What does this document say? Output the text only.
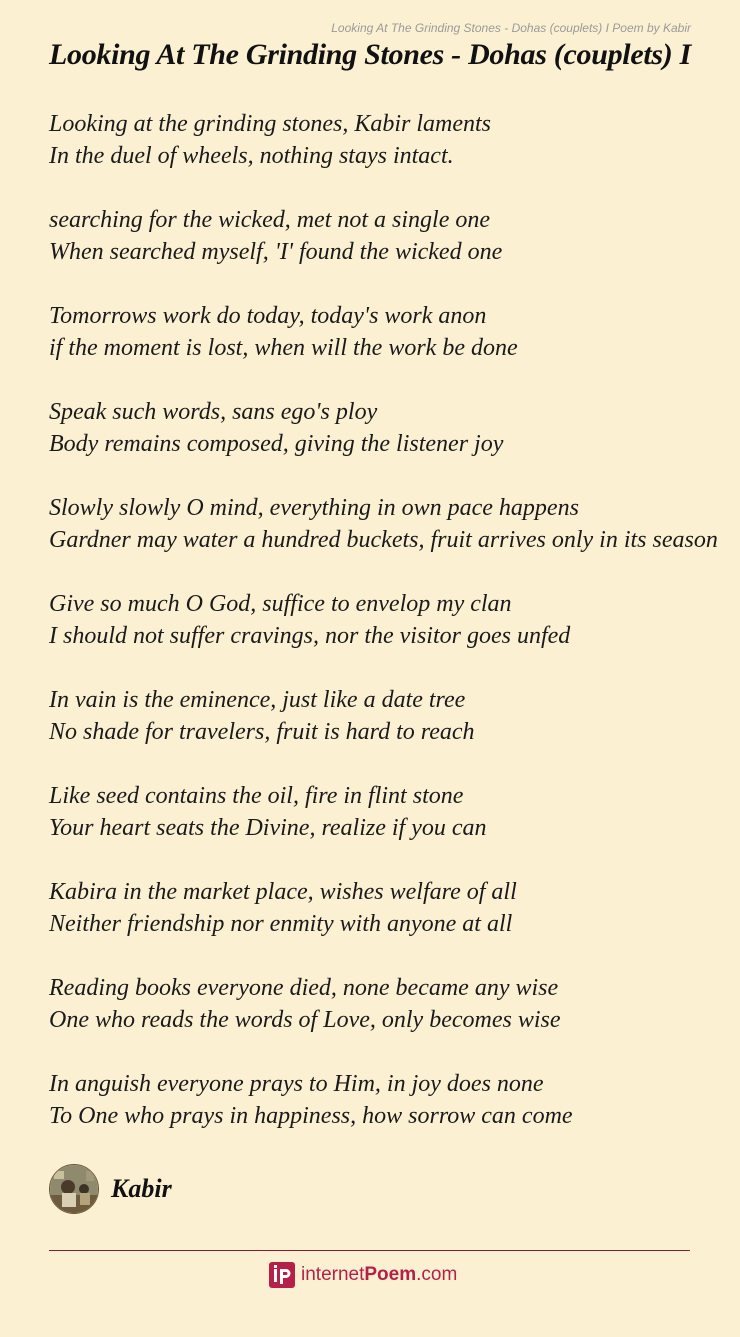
Looking At The Grinding Stones - Dohas (couplets) I Poem by Kabir
Looking At The Grinding Stones - Dohas (couplets) I
Looking at the grinding stones, Kabir laments
In the duel of wheels, nothing stays intact.
searching for the wicked, met not a single one
When searched myself, 'I' found the wicked one
Tomorrows work do today, today's work anon
if the moment is lost, when will the work be done
Speak such words, sans ego's ploy
Body remains composed, giving the listener joy
Slowly slowly O mind, everything in own pace happens
Gardner may water a hundred buckets, fruit arrives only in its season
Give so much O God, suffice to envelop my clan
I should not suffer cravings, nor the visitor goes unfed
In vain is the eminence, just like a date tree
No shade for travelers, fruit is hard to reach
Like seed contains the oil, fire in flint stone
Your heart seats the Divine, realize if you can
Kabira in the market place, wishes welfare of all
Neither friendship nor enmity with anyone at all
Reading books everyone died, none became any wise
One who reads the words of Love, only becomes wise
In anguish everyone prays to Him, in joy does none
To One who prays in happiness, how sorrow can come
Kabir
internetPoem.com
